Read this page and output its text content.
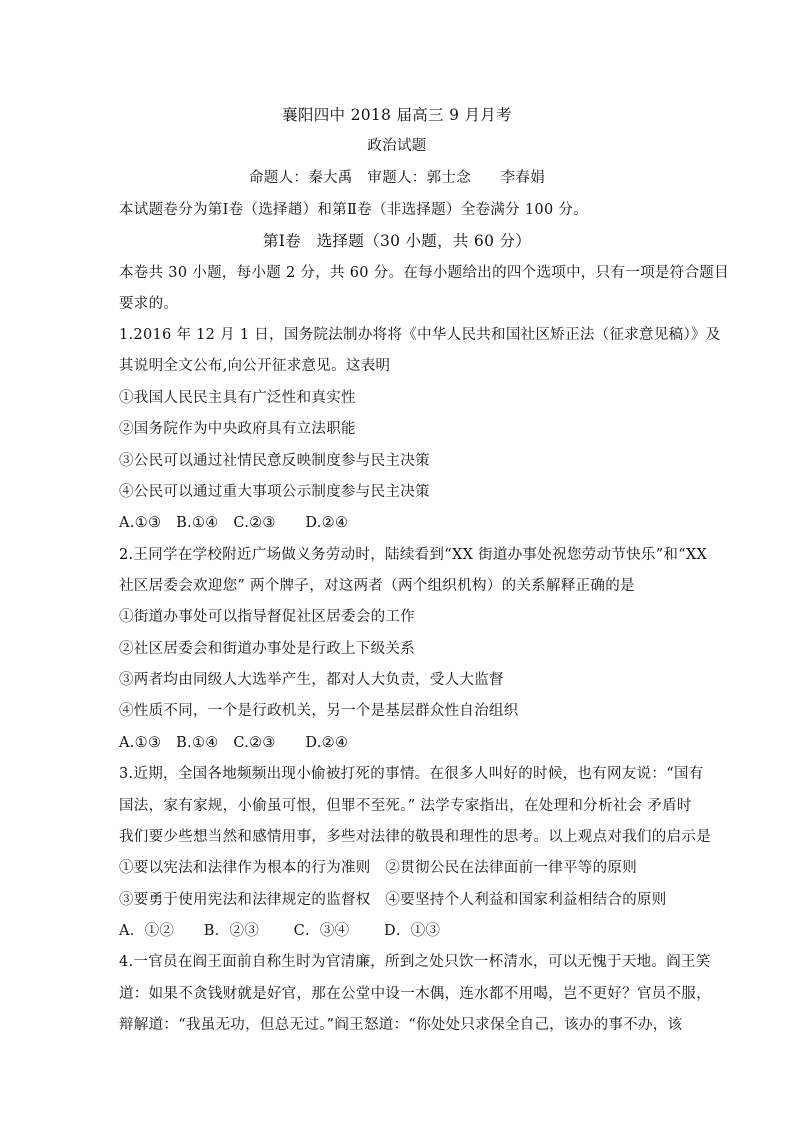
襄阳四中 2018 届高三 9 月月考
政治试题
命题人：秦大禹　审题人：郭士念　　李春娟
本试题卷分为第Ⅰ卷（选择趙）和第Ⅱ卷（非选择题）全卷满分 100 分。
第Ⅰ卷　选择题（30 小题，共 60 分）
本卷共 30 小题，每小题 2 分，共 60 分。在每小题给出的四个选项中，只有一项是符合题目
要求的。
1.2016 年 12 月 1 日，国务院法制办将将《中华人民共和国社区矫正法（征求意见稿）》及
其说明全文公布,向公开征求意见。这表明
①我国人民民主具有广泛性和真实性
②国务院作为中央政府具有立法职能
③公民可以通过社情民意反映制度参与民主决策
④公民可以通过重大事项公示制度参与民主决策
A.①③　B.①④　C.②③　　D.②④
2.王同学在学校附近广场做义务劳动时，陆续看到“XX 街道办事处祝您劳动节快乐”和“XX
社区居委会欢迎您” 两个牌子，对这两者（两个组织机构）的关系解释正确的是
①街道办事处可以指导督促社区居委会的工作
②社区居委会和街道办事处是行政上下级关系
③两者均由同级人大选举产生，都对人大负责，受人大监督
④性质不同，一个是行政机关，另一个是基层群众性自治组织
A.①③　B.①④　C.②③　　D.②④
3.近期，全国各地频频出现小偷被打死的事情。在很多人叫好的时候，也有网友说：“国有
国法，家有家规，小偷虽可恨，但罪不至死。” 法学专家指出，在处理和分析社会 矛盾时
我们要少些想当然和感情用事，多些对法律的敬畏和理性的思考。以上观点对我们的启示是
①要以宪法和法律作为根本的行为准则　②贯彻公民在法律面前一律平等的原则
③要勇于使用宪法和法律规定的监督权　④要坚持个人利益和国家利益相结合的原则
A．①②　　B．②③　　 C．③④　　 D．①③
4.一官员在阎王面前自称生时为官清廉，所到之处只饮一杯清水，可以无愧于天地。阎王笑
道：如果不贪钱财就是好官，那在公堂中设一木偶，连水都不用喝，岂不更好？官员不服，
辩解道：“我虽无功，但总无过。”阎王怒道：“你处处只求保全自己，该办的事不办，该
